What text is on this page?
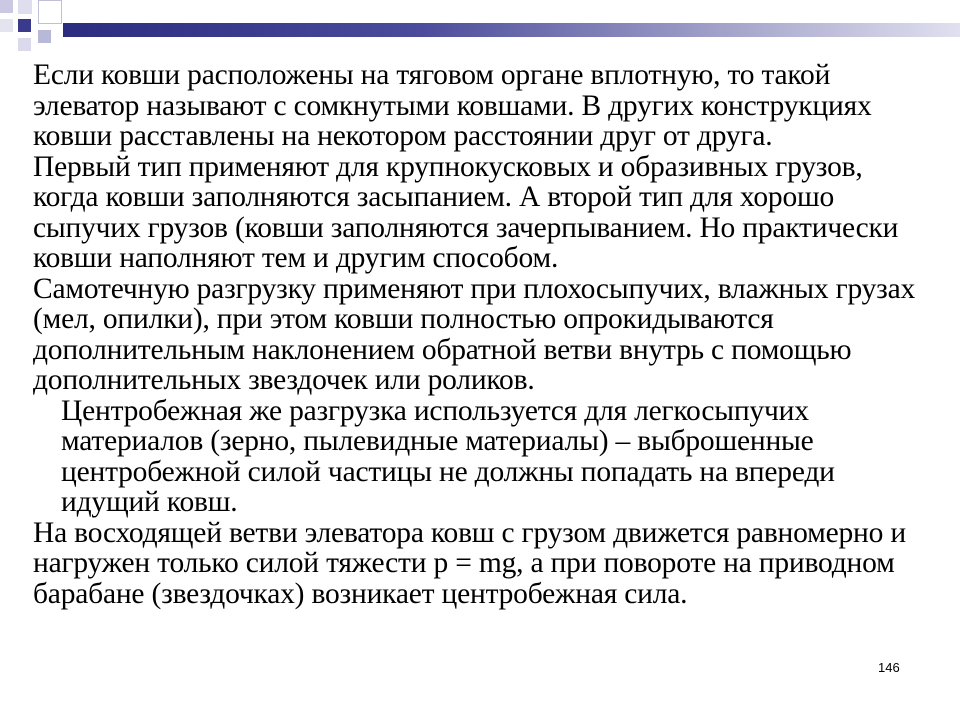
Если ковши расположены на тяговом органе вплотную, то такой элеватор называют с сомкнутыми ковшами. В других конструкциях ковши расставлены на некотором расстоянии друг от друга.

Первый тип применяют для крупнокусковых и образивных грузов, когда ковши заполняются засыпанием. А второй тип для хорошо сыпучих грузов (ковши заполняются зачерпыванием. Но практически ковши наполняют тем и другим способом.

Самотечную разгрузку применяют при плохосыпучих, влажных грузах (мел, опилки), при этом ковши полностью опрокидываются дополнительным наклонением обратной ветви внутрь с помощью дополнительных звездочек или роликов.

Центробежная же разгрузка используется для легкосыпучих материалов (зерно, пылевидные материалы) – выброшенные центробежной силой частицы не должны попадать на впереди идущий ковш.

На восходящей ветви элеватора ковш с грузом движется равномерно и нагружен только силой тяжести р = mg, а при повороте на приводном барабане (звездочках) возникает центробежная сила.

146
